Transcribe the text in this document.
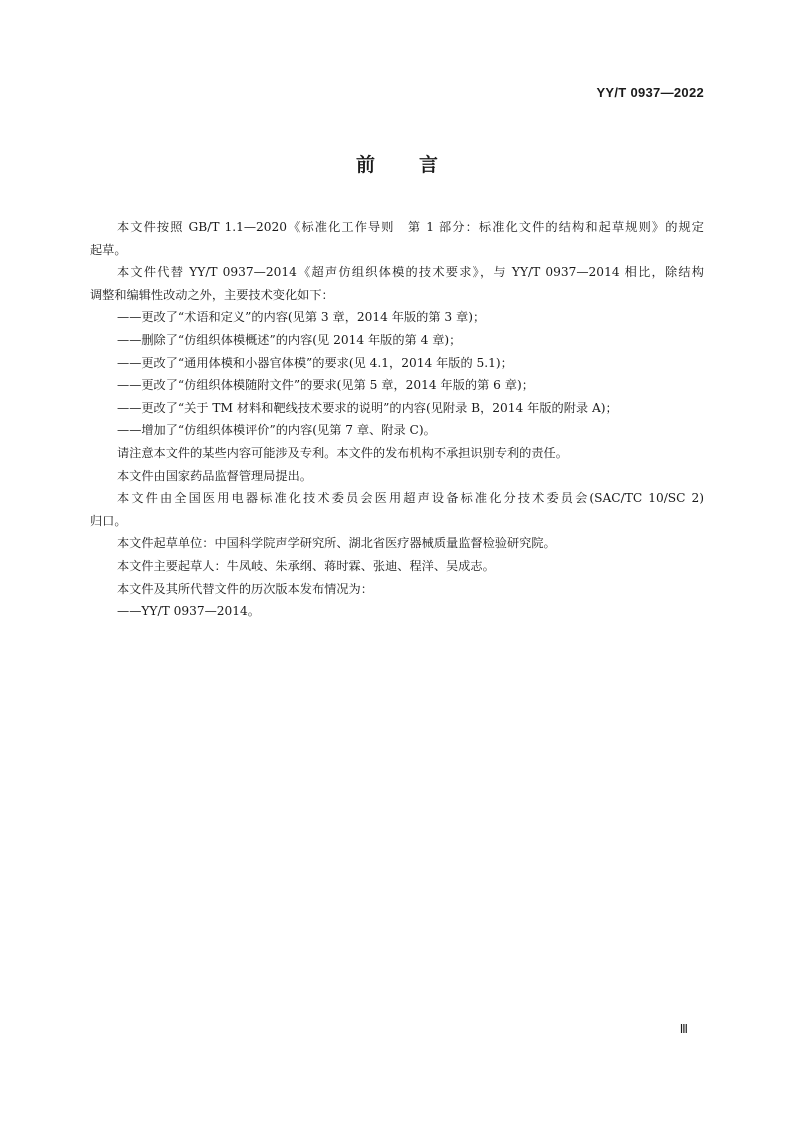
YY/T 0937—2022
前 言
本文件按照 GB/T 1.1—2020《标准化工作导则　第 1 部分：标准化文件的结构和起草规则》的规定
起草。
本文件代替 YY/T 0937—2014《超声仿组织体模的技术要求》，与 YY/T 0937—2014 相比，除结构
调整和编辑性改动之外，主要技术变化如下：
——更改了“术语和定义”的内容(见第 3 章，2014 年版的第 3 章)；
——删除了“仿组织体模概述”的内容(见 2014 年版的第 4 章)；
——更改了“通用体模和小器官体模”的要求(见 4.1，2014 年版的 5.1)；
——更改了“仿组织体模随附文件”的要求(见第 5 章，2014 年版的第 6 章)；
——更改了“关于 TM 材料和靶线技术要求的说明”的内容(见附录 B，2014 年版的附录 A)；
——增加了“仿组织体模评价”的内容(见第 7 章、附录 C)。
请注意本文件的某些内容可能涉及专利。本文件的发布机构不承担识别专利的责任。
本文件由国家药品监督管理局提出。
本文件由全国医用电器标准化技术委员会医用超声设备标准化分技术委员会(SAC/TC 10/SC 2)
归口。
本文件起草单位：中国科学院声学研究所、湖北省医疗器械质量监督检验研究院。
本文件主要起草人：牛凤岐、朱承纲、蒋时霖、张迪、程洋、吴成志。
本文件及其所代替文件的历次版本发布情况为：
——YY/T 0937—2014。
Ⅲ
